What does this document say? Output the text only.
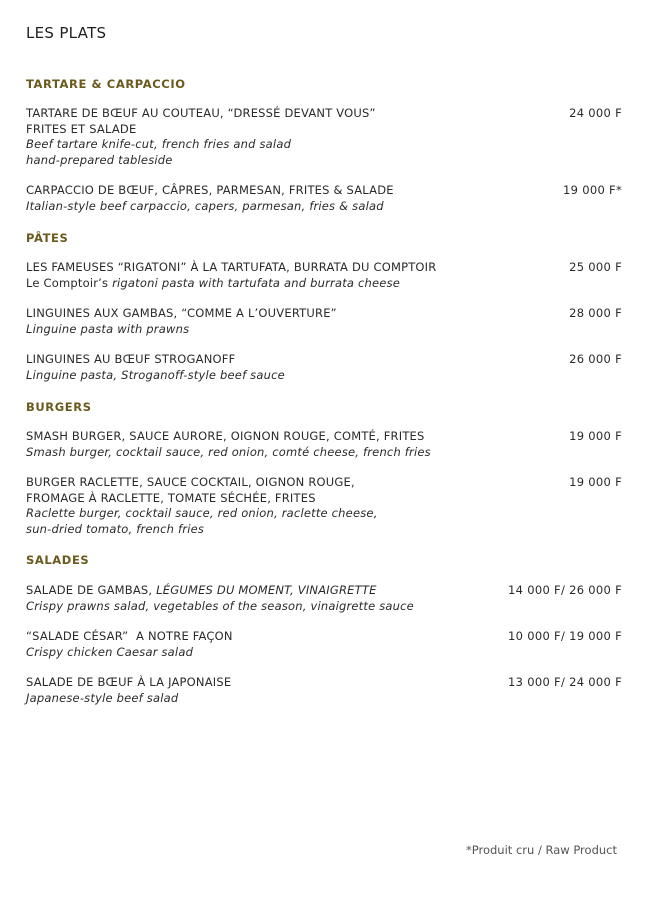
LES PLATS
TARTARE & CARPACCIO
TARTARE DE BŒUF AU COUTEAU, “DRESSÉ DEVANT VOUS”
FRITES ET SALADE
Beef tartare knife-cut, french fries and salad
hand-prepared tableside
24 000 F
CARPACCIO DE BŒUF, CÂPRES, PARMESAN, FRITES & SALADE
Italian-style beef carpaccio, capers, parmesan, fries & salad
19 000 F*
PÂTES
LES FAMEUSES “RIGATONI” À LA TARTUFATA, BURRATA DU COMPTOIR
Le Comptoir’s rigatoni pasta with tartufata and burrata cheese
25 000 F
LINGUINES AUX GAMBAS, “COMME A L’OUVERTURE”
Linguine pasta with prawns
28 000 F
LINGUINES AU BŒUF STROGANOFF
Linguine pasta, Stroganoff-style beef sauce
26 000 F
BURGERS
SMASH BURGER, SAUCE AURORE, OIGNON ROUGE, COMTÉ, FRITES
Smash burger, cocktail sauce, red onion, comté cheese, french fries
19 000 F
BURGER RACLETTE, SAUCE COCKTAIL, OIGNON ROUGE,
FROMAGE À RACLETTE, TOMATE SÉCHÉE, FRITES
Raclette burger, cocktail sauce, red onion, raclette cheese,
sun-dried tomato, french fries
19 000 F
SALADES
SALADE DE GAMBAS, LÉGUMES DU MOMENT, VINAIGRETTE
Crispy prawns salad, vegetables of the season, vinaigrette sauce
14 000 F/ 26 000 F
“SALADE CÉSAR”  A NOTRE FAÇON
Crispy chicken Caesar salad
10 000 F/ 19 000 F
SALADE DE BŒUF À LA JAPONAISE
Japanese-style beef salad
13 000 F/ 24 000 F
*Produit cru / Raw Product
